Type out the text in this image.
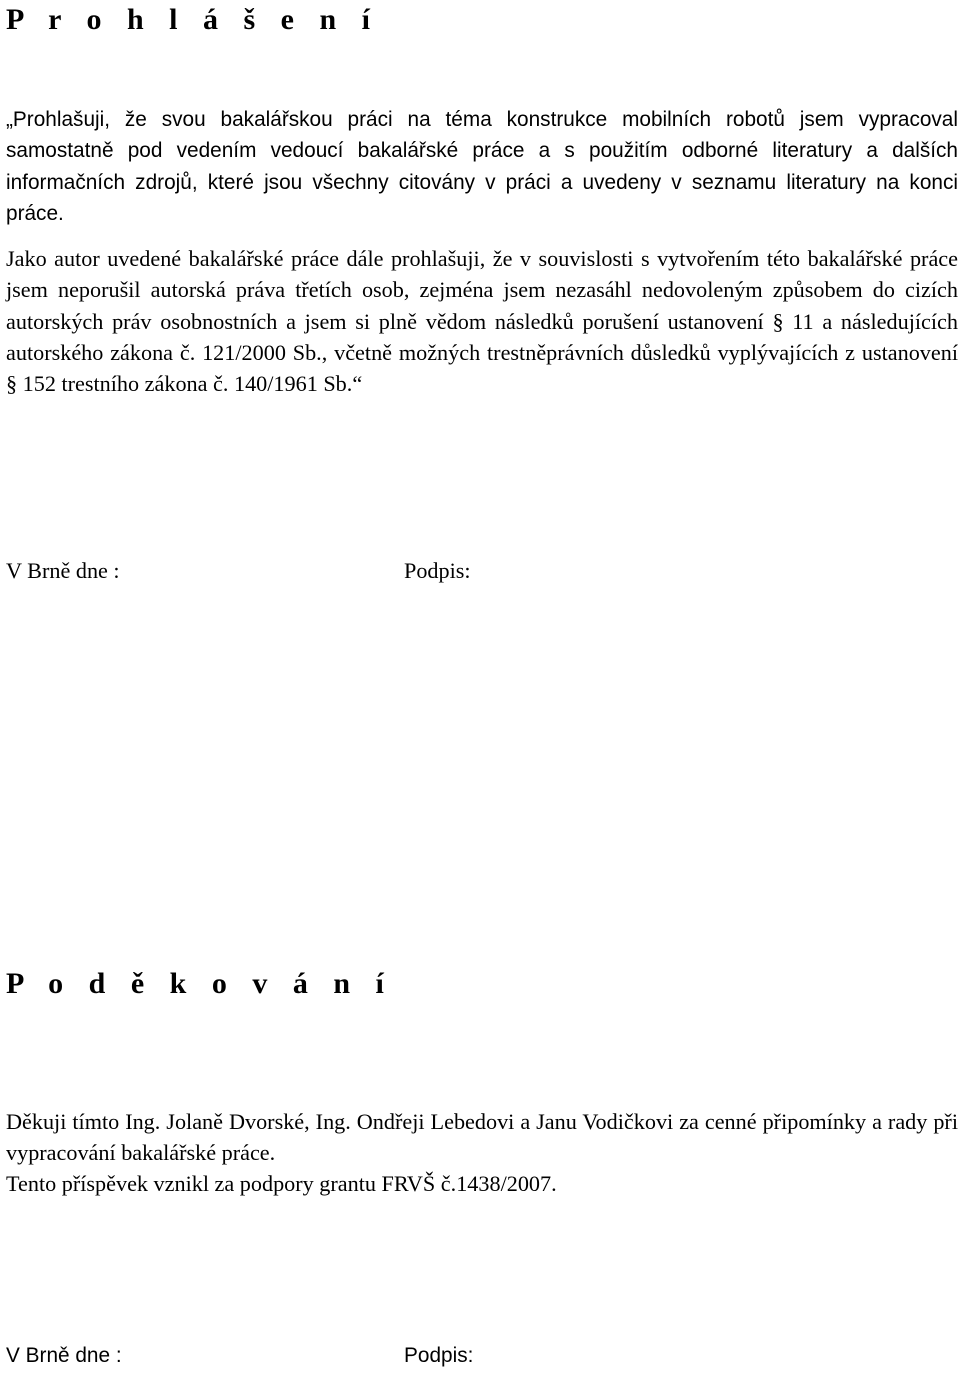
P r o h l á š e n í

„Prohlašuji, že svou bakalářskou práci na téma konstrukce mobilních robotů jsem vypracoval samostatně pod vedením vedoucí bakalářské práce a s použitím odborné literatury a dalších informačních zdrojů, které jsou všechny citovány v práci a uvedeny v seznamu literatury na konci práce.

Jako autor uvedené bakalářské práce dále prohlašuji, že v souvislosti s vytvořením této bakalářské práce jsem neporušil autorská práva třetích osob, zejména jsem nezasáhl nedovoleným způsobem do cizích autorských práv osobnostních a jsem si plně vědom následků porušení ustanovení § 11 a následujících autorského zákona č. 121/2000 Sb., včetně možných trestněprávních důsledků vyplývajících z ustanovení § 152 trestního zákona č. 140/1961 Sb.“

V Brně dne :	Podpis:
P o d ě k o v á n í

Děkuji tímto Ing. Jolaně Dvorské, Ing. Ondřeji Lebedovi a Janu Vodičkovi za cenné připomínky a rady při vypracování bakalářské práce.

Tento příspěvek vznikl za podpory grantu FRVŠ č.1438/2007.

V Brně dne :	Podpis:
